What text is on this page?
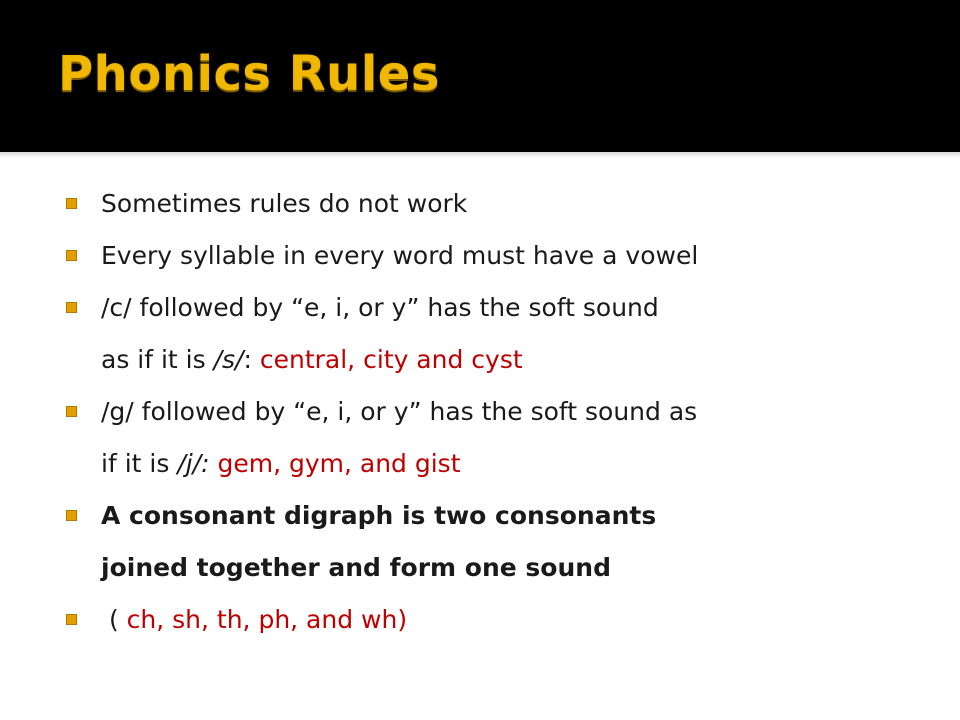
Phonics Rules
Sometimes rules do not work
Every syllable in every word must have a vowel
/c/ followed by “e, i, or y” has the soft sound
as if it is /s/: central, city and cyst
/g/ followed by “e, i, or y” has the soft sound as
if it is /j/: gem, gym, and gist
A consonant digraph is two consonants
joined together and form one sound
( ch, sh, th, ph, and wh)
